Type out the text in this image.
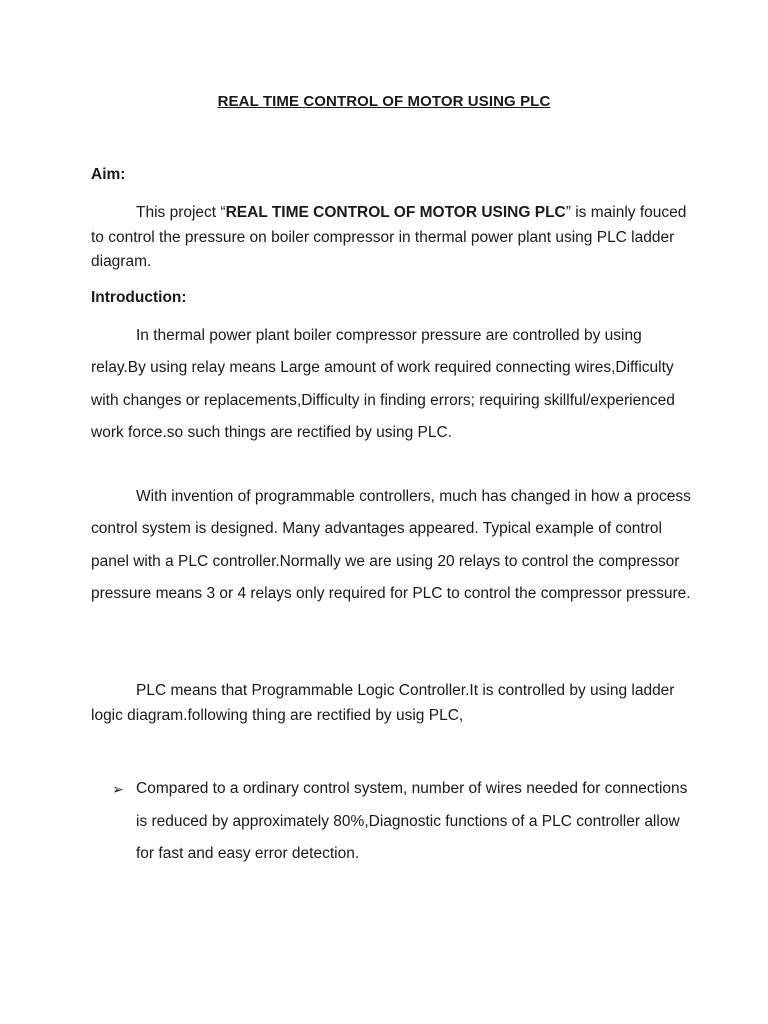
REAL TIME CONTROL OF MOTOR USING PLC
Aim:

This project “REAL TIME CONTROL OF MOTOR USING PLC” is mainly fouced to control the pressure on boiler compressor in thermal power plant using PLC ladder diagram.

Introduction:

In thermal power plant boiler compressor pressure are controlled by using relay.By using relay means Large amount of work required connecting wires,Difficulty with changes or replacements,Difficulty in finding errors; requiring skillful/experienced work force.so such things are rectified by using PLC.

With invention of programmable controllers, much has changed in how a process control system is designed. Many advantages appeared. Typical example of control panel with a PLC controller.Normally we are using 20 relays to control the compressor pressure means 3 or 4 relays only required for PLC to control the compressor pressure.

PLC means that Programmable Logic Controller.It is controlled by using ladder logic diagram.following thing are rectified by usig PLC,

➢ Compared to a ordinary control system, number of wires needed for connections is reduced by approximately 80%,Diagnostic functions of a PLC controller allow for fast and easy error detection.
